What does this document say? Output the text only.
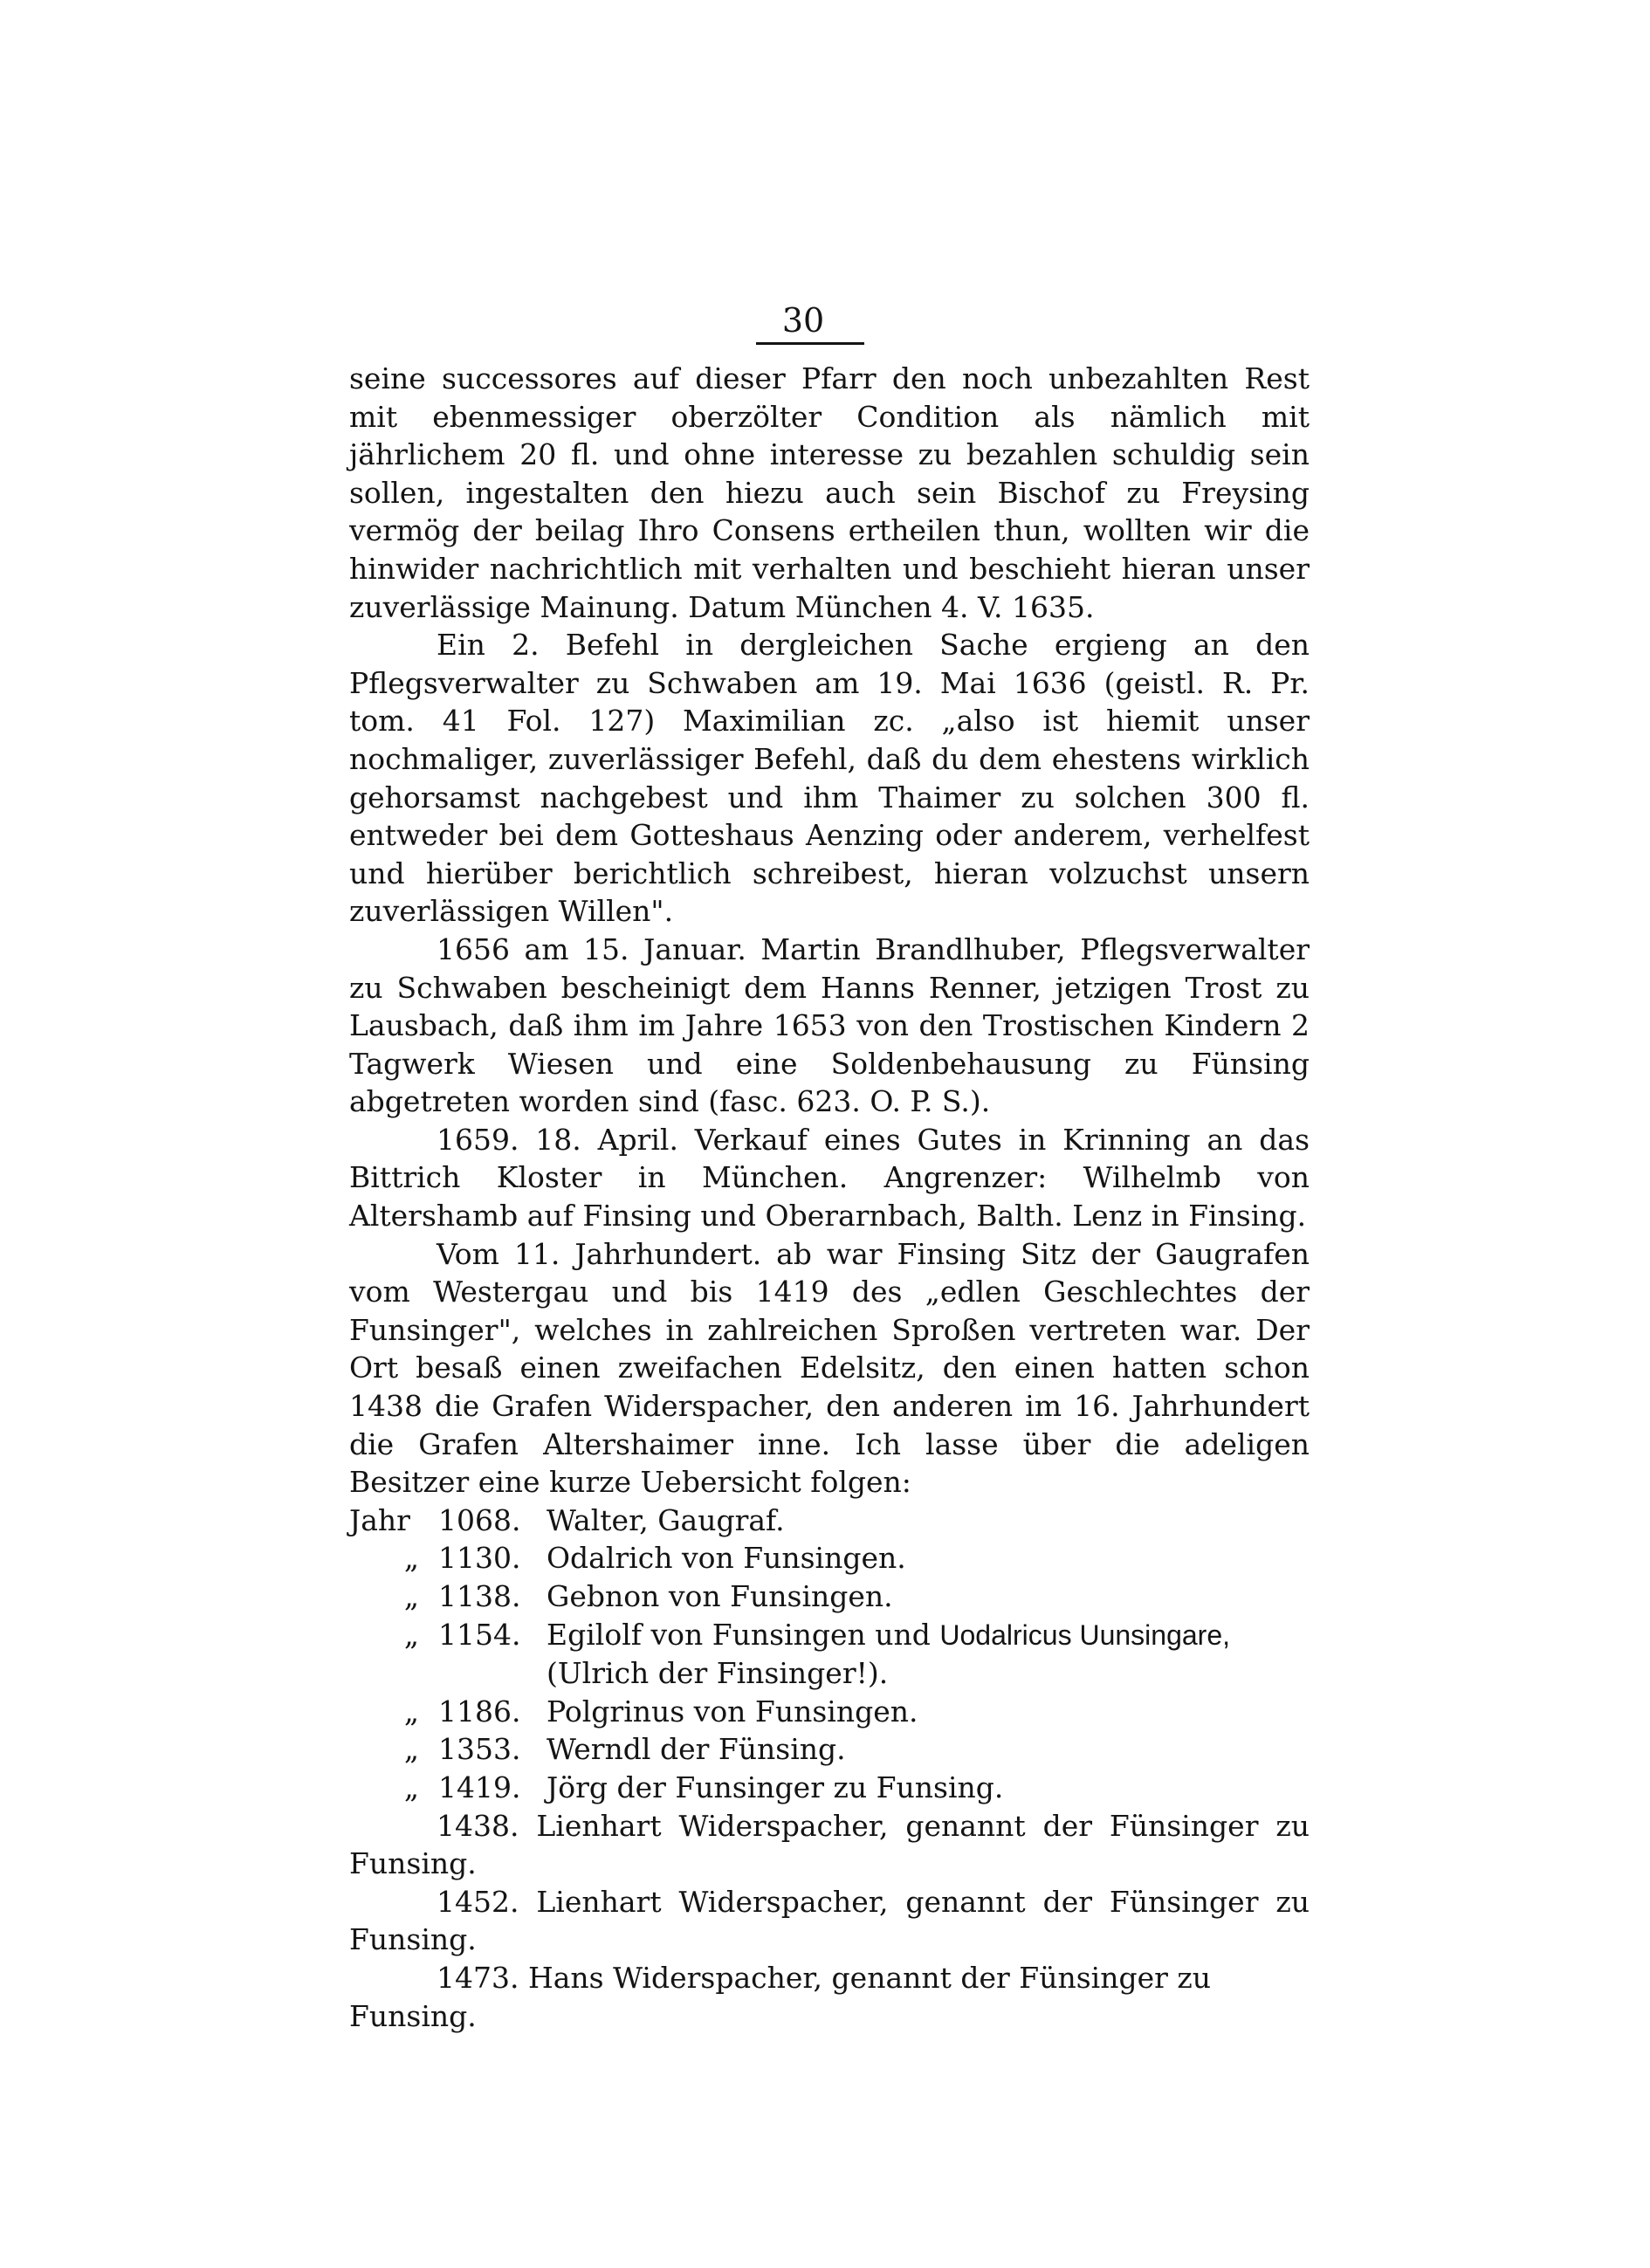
30

seine successores auf dieser Pfarr den noch unbezahlten Rest mit ebenmessiger oberzölter Condition als nämlich mit jährlichem 20 fl. und ohne interesse zu bezahlen schuldig sein sollen, ingestalten den hiezu auch sein Bischof zu Freysing vermög der beilag Ihro Consens ertheilen thun, wollten wir die hinwider nachrichtlich mit verhalten und beschieht hieran unser zuverlässige Mainung. Datum München 4. V. 1635.

Ein 2. Befehl in dergleichen Sache ergieng an den Pflegsverwalter zu Schwaben am 19. Mai 1636 (geistl. R. Pr. tom. 41 Fol. 127) Maximilian zc. „also ist hiemit unser nochmaliger, zuverlässiger Befehl, daß du dem ehestens wirklich gehorsamst nachgebest und ihm Thaimer zu solchen 300 fl. entweder bei dem Gotteshaus Aenzing oder anderem, verhelfest und hierüber berichtlich schreibest, hieran volzuchst unsern zuverlässigen Willen".

1656 am 15. Januar. Martin Brandlhuber, Pflegsverwalter zu Schwaben bescheinigt dem Hanns Renner, jetzigen Trost zu Lausbach, daß ihm im Jahre 1653 von den Trostischen Kindern 2 Tagwerk Wiesen und eine Soldenbehausung zu Fünsing abgetreten worden sind (fasc. 623. O. P. S.).

1659. 18. April. Verkauf eines Gutes in Krinning an das Bittrich Kloster in München. Angrenzer: Wilhelmb von Altershamb auf Finsing und Oberarnbach, Balth. Lenz in Finsing.

Vom 11. Jahrhundert. ab war Finsing Sitz der Gaugrafen vom Westergau und bis 1419 des „edlen Geschlechtes der Funsinger", welches in zahlreichen Sproßen vertreten war. Der Ort besaß einen zweifachen Edelsitz, den einen hatten schon 1438 die Grafen Widerspacher, den anderen im 16. Jahrhundert die Grafen Altershaimer inne. Ich lasse über die adeligen Besitzer eine kurze Uebersicht folgen:

Jahr 1068. Walter, Gaugraf.
„ 1130. Odalrich von Funsingen.
„ 1138. Gebnon von Funsingen.
„ 1154. Egilolf von Funsingen und Uodalricus Uunsingare,
(Ulrich der Finsinger!).
„ 1186. Polgrinus von Funsingen.
„ 1353. Werndl der Fünsing.
„ 1419. Jörg der Funsinger zu Funsing.

1438. Lienhart Widerspacher, genannt der Fünsinger zu Funsing.

1452. Lienhart Widerspacher, genannt der Fünsinger zu Funsing.

1473. Hans Widerspacher, genannt der Fünsinger zu Funsing.
